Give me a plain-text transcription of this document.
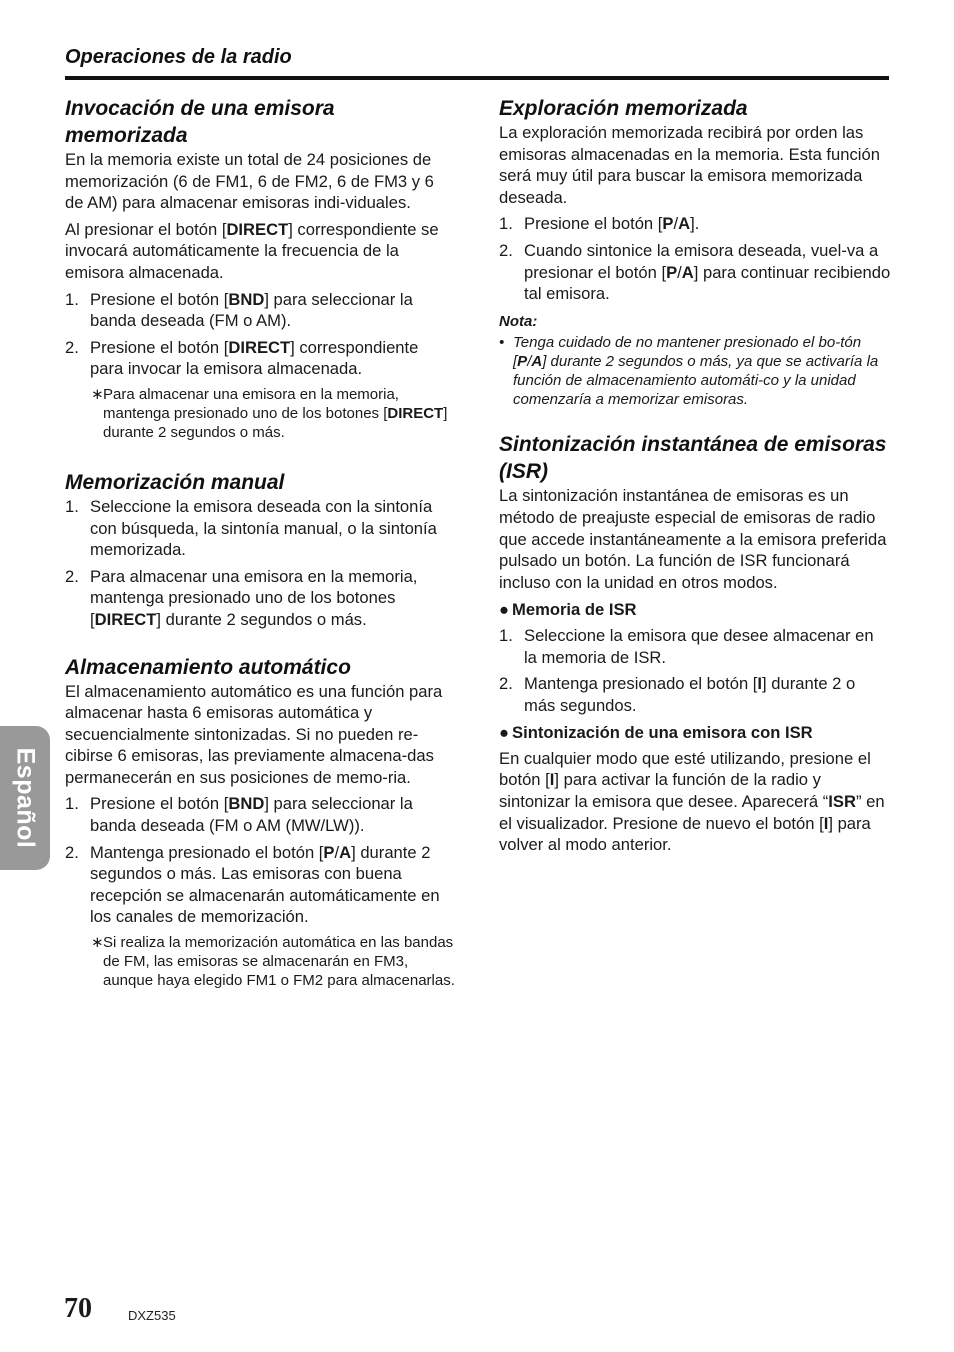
Operaciones de la radio
Invocación de una emisora memorizada

En la memoria existe un total de 24 posiciones de memorización (6 de FM1, 6 de FM2, 6 de FM3 y 6 de AM) para almacenar emisoras indi-viduales.

Al presionar el botón [DIRECT] correspondiente se invocará automáticamente la frecuencia de la emisora almacenada.

1. Presione el botón [BND] para seleccionar la banda deseada (FM o AM).
2. Presione el botón [DIRECT] correspondiente para invocar la emisora almacenada.
∗ Para almacenar una emisora en la memoria, mantenga presionado uno de los botones [DIRECT] durante 2 segundos o más.
Memorización manual
1. Seleccione la emisora deseada con la sintonía con búsqueda, la sintonía manual, o la sintonía memorizada.
2. Para almacenar una emisora en la memoria, mantenga presionado uno de los botones [DIRECT] durante 2 segundos o más.
Almacenamiento automático

El almacenamiento automático es una función para almacenar hasta 6 emisoras automática y secuencialmente sintonizadas. Si no pueden re-cibirse 6 emisoras, las previamente almacena-das permanecerán en sus posiciones de memo-ria.

1. Presione el botón [BND] para seleccionar la banda deseada (FM o AM (MW/LW)).
2. Mantenga presionado el botón [P/A] durante 2 segundos o más. Las emisoras con buena recepción se almacenarán automáticamente en los canales de memorización.
∗ Si realiza la memorización automática en las bandas de FM, las emisoras se almacenarán en FM3, aunque haya elegido FM1 o FM2 para almacenarlas.
Exploración memorizada

La exploración memorizada recibirá por orden las emisoras almacenadas en la memoria. Esta función será muy útil para buscar la emisora memorizada deseada.

1. Presione el botón [P/A].
2. Cuando sintonice la emisora deseada, vuel-va a presionar el botón [P/A] para continuar recibiendo tal emisora.
Nota:
• Tenga cuidado de no mantener presionado el bo-tón [P/A] durante 2 segundos o más, ya que se activaría la función de almacenamiento automáti-co y la unidad comenzaría a memorizar emisoras.
Sintonización instantánea de emisoras (ISR)

La sintonización instantánea de emisoras es un método de preajuste especial de emisoras de radio que accede instantáneamente a la emisora preferida pulsado un botón. La función de ISR funcionará incluso con la unidad en otros modos.

● Memoria de ISR
1. Seleccione la emisora que desee almacenar en la memoria de ISR.
2. Mantenga presionado el botón [I] durante 2 o más segundos.
● Sintonización de una emisora con ISR

En cualquier modo que esté utilizando, presione el botón [I] para activar la función de la radio y sintonizar la emisora que desee. Aparecerá “ISR” en el visualizador. Presione de nuevo el botón [I] para volver al modo anterior.

Español
70	DXZ535
